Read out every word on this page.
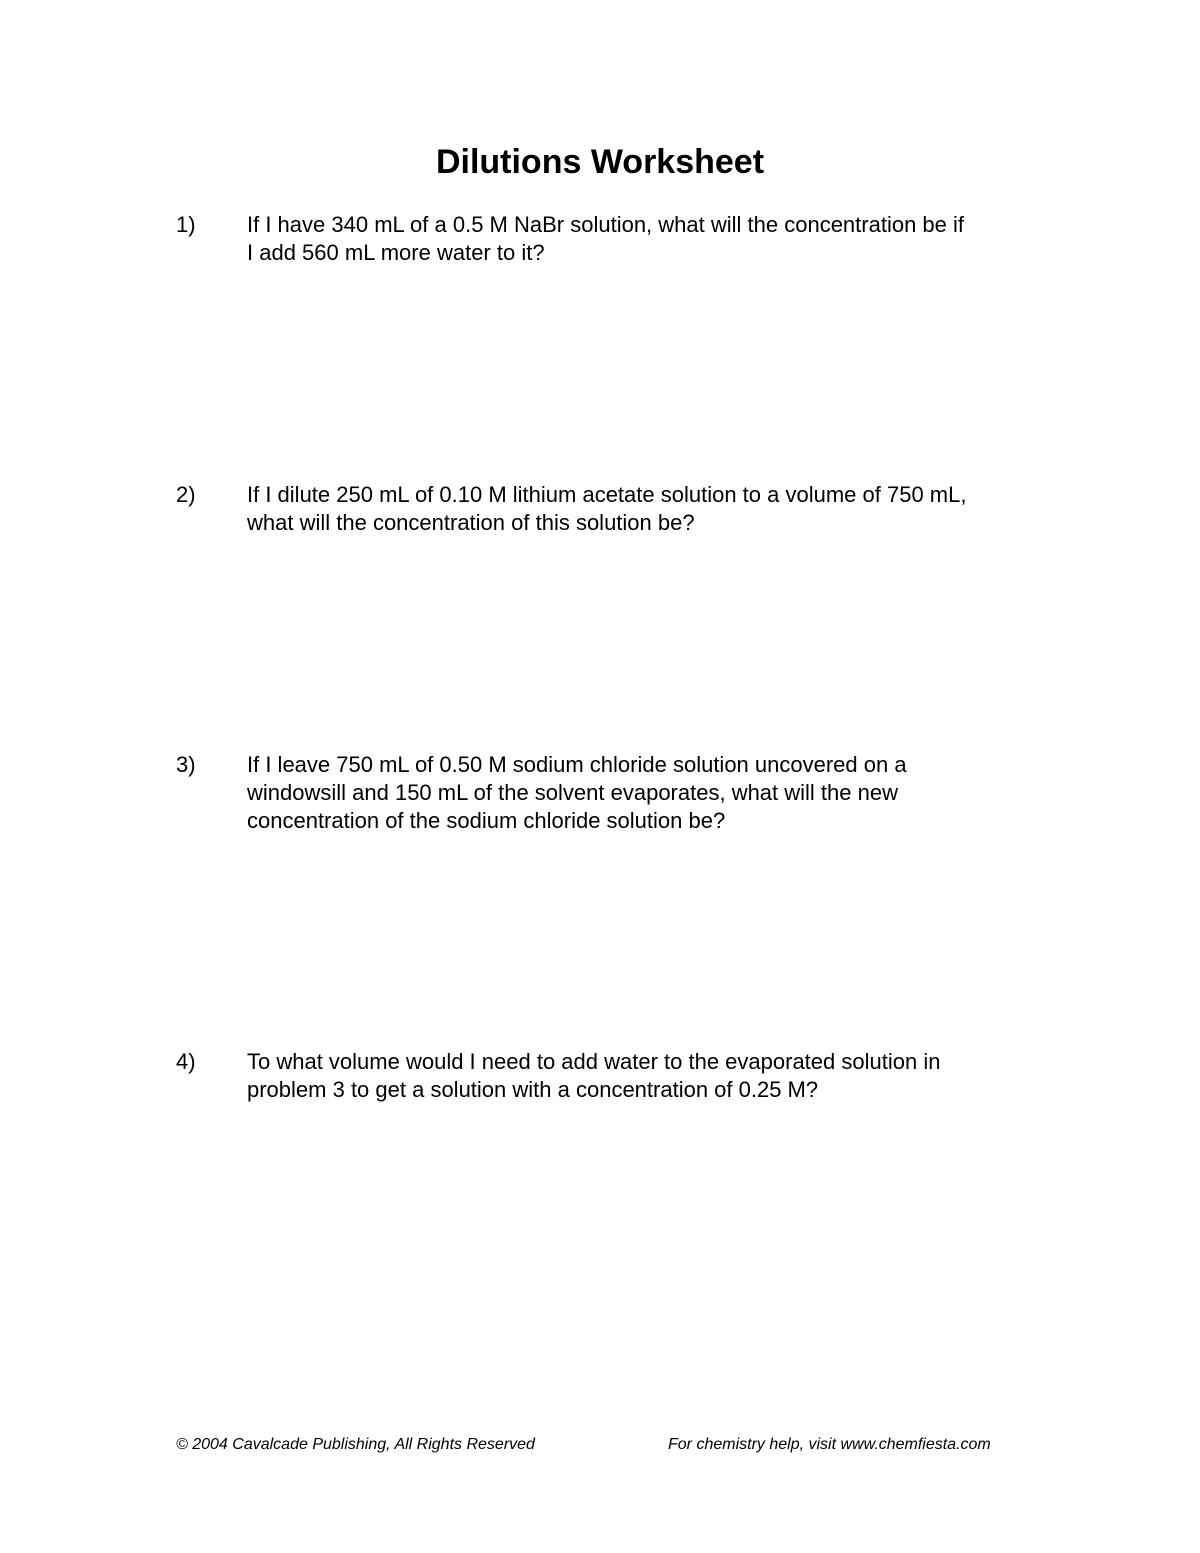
Dilutions Worksheet
1) If I have 340 mL of a 0.5 M NaBr solution, what will the concentration be if
I add 560 mL more water to it?
2) If I dilute 250 mL of 0.10 M lithium acetate solution to a volume of 750 mL,
what will the concentration of this solution be?
3) If I leave 750 mL of 0.50 M sodium chloride solution uncovered on a
windowsill and 150 mL of the solvent evaporates, what will the new
concentration of the sodium chloride solution be?
4) To what volume would I need to add water to the evaporated solution in
problem 3 to get a solution with a concentration of 0.25 M?
© 2004 Cavalcade Publishing, All Rights Reserved	For chemistry help, visit www.chemfiesta.com
